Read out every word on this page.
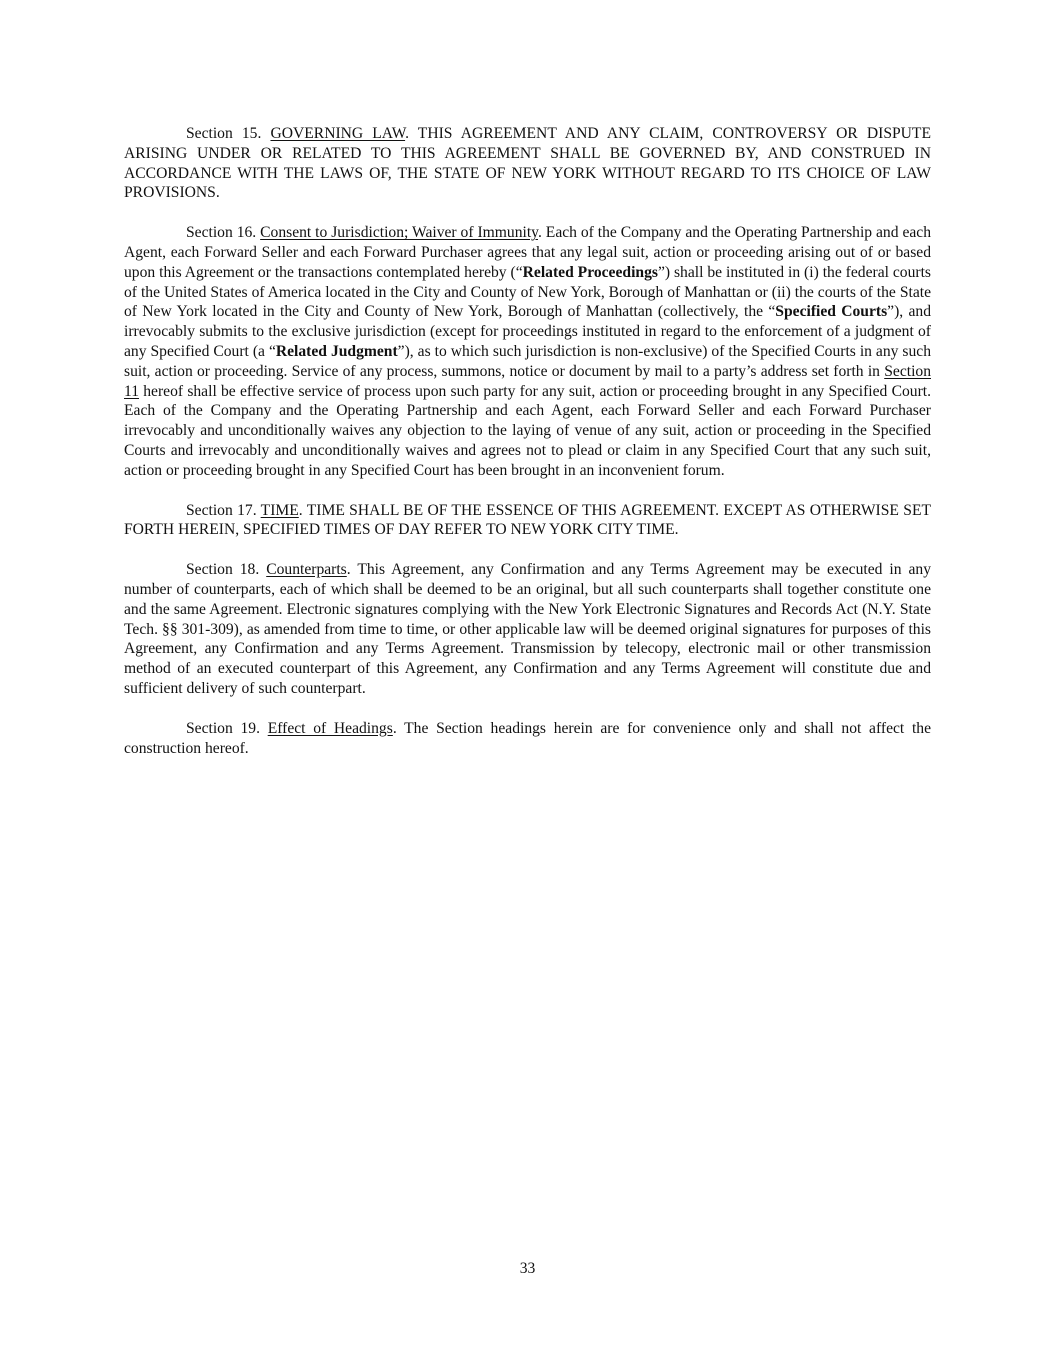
Section 15. GOVERNING LAW. THIS AGREEMENT AND ANY CLAIM, CONTROVERSY OR DISPUTE ARISING UNDER OR RELATED TO THIS AGREEMENT SHALL BE GOVERNED BY, AND CONSTRUED IN ACCORDANCE WITH THE LAWS OF, THE STATE OF NEW YORK WITHOUT REGARD TO ITS CHOICE OF LAW PROVISIONS.

Section 16. Consent to Jurisdiction; Waiver of Immunity. Each of the Company and the Operating Partnership and each Agent, each Forward Seller and each Forward Purchaser agrees that any legal suit, action or proceeding arising out of or based upon this Agreement or the transactions contemplated hereby (“Related Proceedings”) shall be instituted in (i) the federal courts of the United States of America located in the City and County of New York, Borough of Manhattan or (ii) the courts of the State of New York located in the City and County of New York, Borough of Manhattan (collectively, the “Specified Courts”), and irrevocably submits to the exclusive jurisdiction (except for proceedings instituted in regard to the enforcement of a judgment of any Specified Court (a “Related Judgment”), as to which such jurisdiction is non-exclusive) of the Specified Courts in any such suit, action or proceeding. Service of any process, summons, notice or document by mail to a party’s address set forth in Section 11 hereof shall be effective service of process upon such party for any suit, action or proceeding brought in any Specified Court. Each of the Company and the Operating Partnership and each Agent, each Forward Seller and each Forward Purchaser irrevocably and unconditionally waives any objection to the laying of venue of any suit, action or proceeding in the Specified Courts and irrevocably and unconditionally waives and agrees not to plead or claim in any Specified Court that any such suit, action or proceeding brought in any Specified Court has been brought in an inconvenient forum.

Section 17. TIME. TIME SHALL BE OF THE ESSENCE OF THIS AGREEMENT. EXCEPT AS OTHERWISE SET FORTH HEREIN, SPECIFIED TIMES OF DAY REFER TO NEW YORK CITY TIME.

Section 18. Counterparts. This Agreement, any Confirmation and any Terms Agreement may be executed in any number of counterparts, each of which shall be deemed to be an original, but all such counterparts shall together constitute one and the same Agreement. Electronic signatures complying with the New York Electronic Signatures and Records Act (N.Y. State Tech. §§ 301-309), as amended from time to time, or other applicable law will be deemed original signatures for purposes of this Agreement, any Confirmation and any Terms Agreement. Transmission by telecopy, electronic mail or other transmission method of an executed counterpart of this Agreement, any Confirmation and any Terms Agreement will constitute due and sufficient delivery of such counterpart.

Section 19. Effect of Headings. The Section headings herein are for convenience only and shall not affect the construction hereof.

33
